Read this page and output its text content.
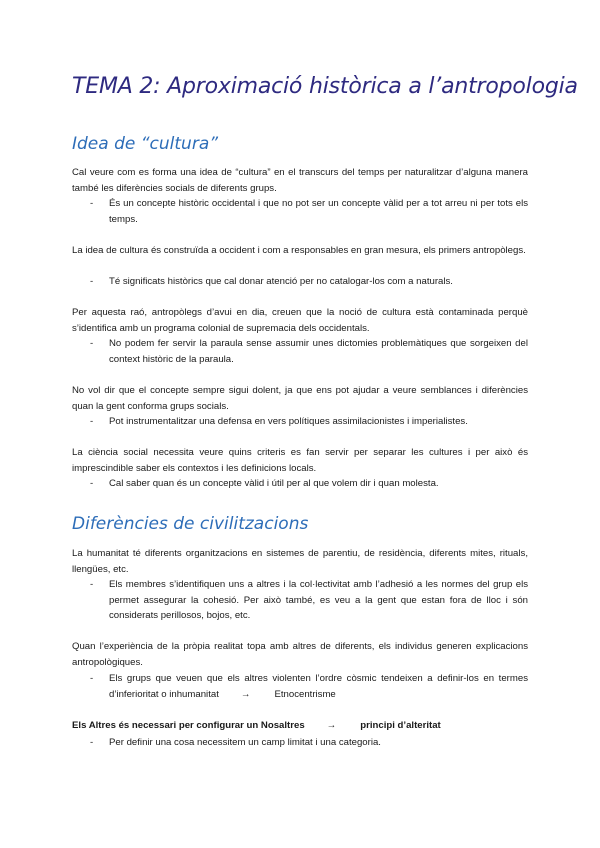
TEMA 2: Aproximació històrica a l’antropologia
Idea de “cultura”
Cal veure com es forma una idea de “cultura” en el transcurs del temps per naturalitzar d’alguna manera també les diferències socials de diferents grups.
- És un concepte històric occidental i que no pot ser un concepte vàlid per a tot arreu ni per tots els temps.
La idea de cultura és construïda a occident i com a responsables en gran mesura, els primers antropòlegs.
- Té significats històrics que cal donar atenció per no catalogar-los com a naturals.
Per aquesta raó, antropòlegs d’avui en dia, creuen que la noció de cultura està contaminada perquè s’identifica amb un programa colonial de supremacia dels occidentals.
- No podem fer servir la paraula sense assumir unes dictomies problemàtiques que sorgeixen del context històric de la paraula.
No vol dir que el concepte sempre sigui dolent, ja que ens pot ajudar a veure semblances i diferències quan la gent conforma grups socials.
- Pot instrumentalitzar una defensa en vers polítiques assimilacionistes i imperialistes.
La ciència social necessita veure quins criteris es fan servir per separar les cultures i per això és imprescindible saber els contextos i les definicions locals.
- Cal saber quan és un concepte vàlid i útil per al que volem dir i quan molesta.
Diferències de civilitzacions
La humanitat té diferents organitzacions en sistemes de parentiu, de residència, diferents mites, rituals, llengües, etc.
- Els membres s’identifiquen uns a altres i la col·lectivitat amb l’adhesió a les normes del grup els permet assegurar la cohesió. Per això també, es veu a la gent que estan fora de lloc i són considerats perillosos, bojos, etc.
Quan l’experiència de la pròpia realitat topa amb altres de diferents, els individus generen explicacions antropològiques.
- Els grups que veuen que els altres violenten l’ordre còsmic tendeixen a definir-los en termes d’inferioritat o inhumanitat →	Etnocentrisme
Els Altres és necessari per configurar un Nosaltres →	principi d’alteritat
- Per definir una cosa necessitem un camp limitat i una categoria.
